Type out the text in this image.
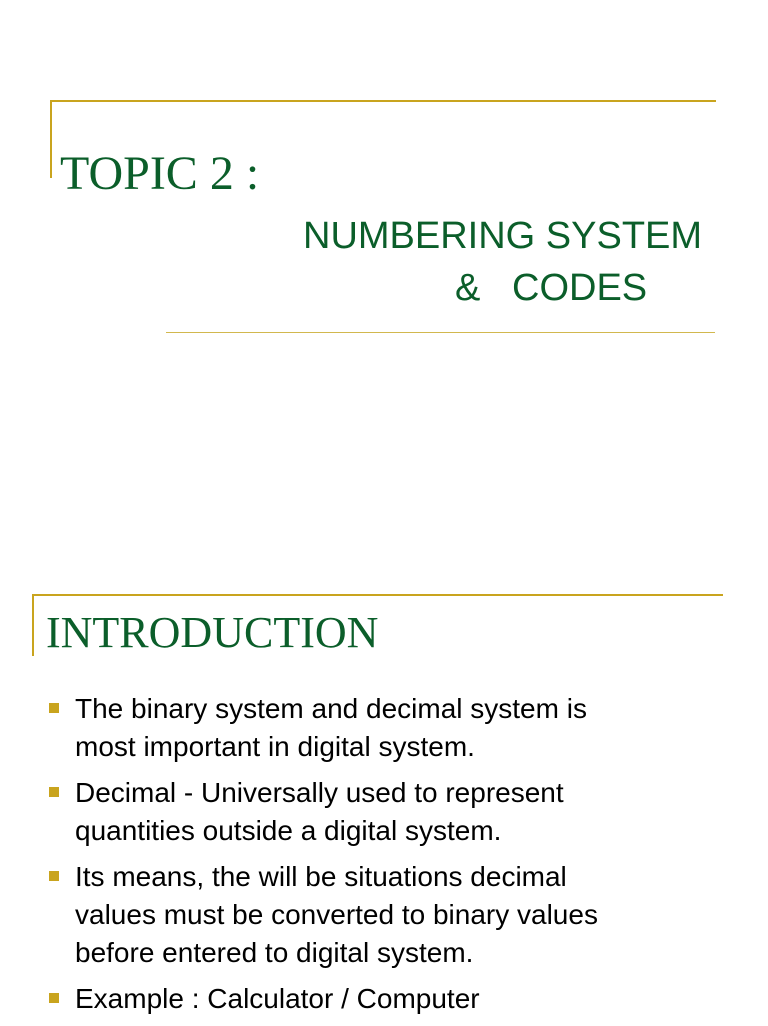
TOPIC 2 :
NUMBERING SYSTEM
&   CODES
INTRODUCTION
The binary system and decimal system is
most important in digital system.
Decimal - Universally used to represent
quantities outside a digital system.
Its means, the will be situations decimal
values must be converted to binary values
before entered to digital system.
Example : Calculator / Computer
